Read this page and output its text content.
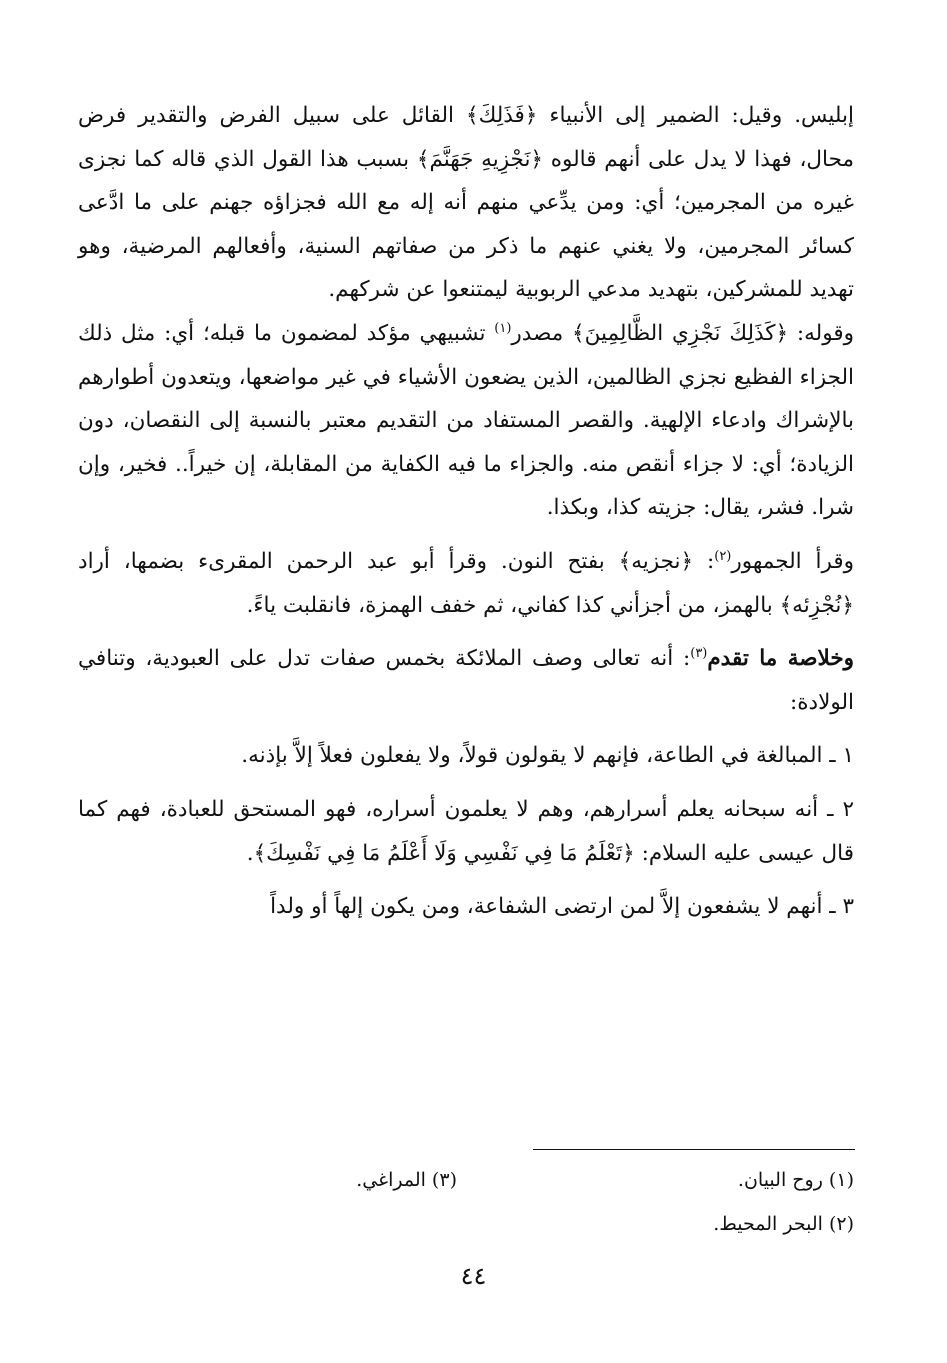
إبليس. وقيل: الضمير إلى الأنبياء ﴿فَذَلِكَ﴾ القائل على سبيل الفرض والتقدير فرض محال، فهذا لا يدل على أنهم قالوه ﴿نَجْزِيهِ جَهَنَّمَ﴾ بسبب هذا القول الذي قاله كما نجزى غيره من المجرمين؛ أي: ومن يدِّعي منهم أنه إله مع الله فجزاؤه جهنم على ما ادَّعى كسائر المجرمين، ولا يغني عنهم ما ذكر من صفاتهم السنية، وأفعالهم المرضية، وهو تهديد للمشركين، بتهديد مدعي الربوبية ليمتنعوا عن شركهم.

وقوله: ﴿كَذَلِكَ نَجْزِي الظَّالِمِينَ﴾ مصدر$^{(١)}$ تشبيهي مؤكد لمضمون ما قبله؛ أي: مثل ذلك الجزاء الفظيع نجزي الظالمين، الذين يضعون الأشياء في غير مواضعها، ويتعدون أطوارهم بالإشراك وادعاء الإلهية. والقصر المستفاد من التقديم معتبر بالنسبة إلى النقصان، دون الزيادة؛ أي: لا جزاء أنقص منه. والجزاء ما فيه الكفاية من المقابلة، إن خيراً.. فخير، وإن شرا. فشر، يقال: جزيته كذا، وبكذا.

وقرأ الجمهور$^{(٢)}$: ﴿نجزيه﴾ بفتح النون. وقرأ أبو عبد الرحمن المقرىء بضمها، أراد ﴿نُجْزِئه﴾ بالهمز، من أجزأني كذا كفاني، ثم خفف الهمزة، فانقلبت ياءً.

وخلاصة ما تقدم$^{(٣)}$: أنه تعالى وصف الملائكة بخمس صفات تدل على العبودية، وتنافي الولادة:

١ ـ المبالغة في الطاعة، فإنهم لا يقولون قولاً، ولا يفعلون فعلاً إلاَّ بإذنه.

٢ ـ أنه سبحانه يعلم أسرارهم، وهم لا يعلمون أسراره، فهو المستحق للعبادة، فهم كما قال عيسى عليه السلام: ﴿تَعْلَمُ مَا فِي نَفْسِي وَلَا أَعْلَمُ مَا فِي نَفْسِكَ﴾.

٣ ـ أنهم لا يشفعون إلاَّ لمن ارتضى الشفاعة، ومن يكون إلهاً أو ولداً

(١) روح البيان.
(٣) المراغي.
(٢) البحر المحيط.
٤٤
